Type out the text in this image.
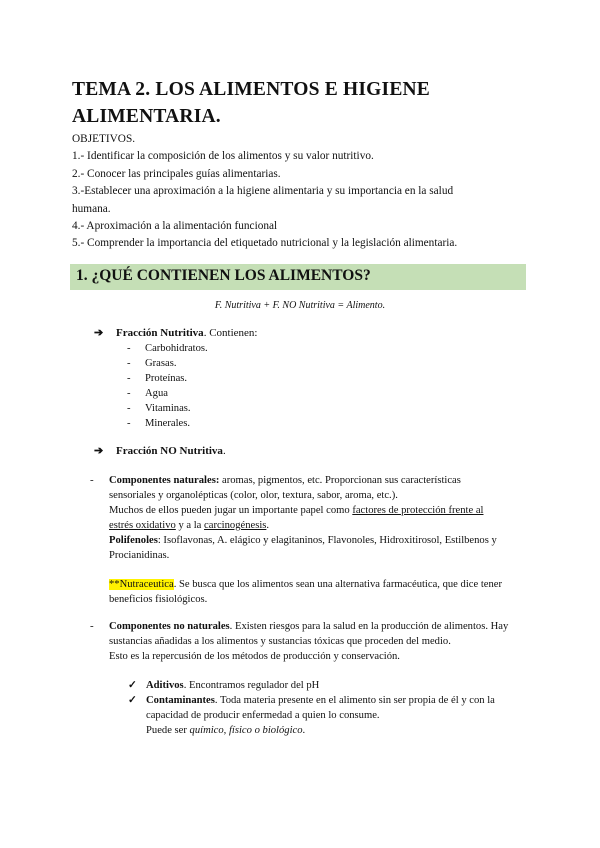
TEMA 2. LOS ALIMENTOS E HIGIENE
ALIMENTARIA.
OBJETIVOS.
1.- Identificar la composición de los alimentos y su valor nutritivo.
2.- Conocer las principales guías alimentarias.
3.-Establecer una aproximación a la higiene alimentaria y su importancia en la salud
humana.
4.- Aproximación a la alimentación funcional
5.- Comprender la importancia del etiquetado nutricional y la legislación alimentaria.
1. ¿QUÉ CONTIENEN LOS ALIMENTOS?
F. Nutritiva + F. NO Nutritiva = Alimento.
➔ Fracción Nutritiva. Contienen:
- Carbohidratos.
- Grasas.
- Proteínas.
- Agua
- Vitaminas.
- Minerales.
➔ Fracción NO Nutritiva.
- Componentes naturales: aromas, pigmentos, etc. Proporcionan sus características
sensoriales y organolépticas (color, olor, textura, sabor, aroma, etc.).
Muchos de ellos pueden jugar un importante papel como factores de protección frente al
estrés oxidativo y a la carcinogénesis.
Polifenoles: Isoflavonas, A. elágico y elagitaninos, Flavonoles, Hidroxitirosol, Estilbenos y
Procianidinas.

**Nutraceutica. Se busca que los alimentos sean una alternativa farmacéutica, que dice tener
beneficios fisiológicos.
- Componentes no naturales. Existen riesgos para la salud en la producción de alimentos. Hay
sustancias añadidas a los alimentos y sustancias tóxicas que proceden del medio.
Esto es la repercusión de los métodos de producción y conservación.
✓ Aditivos. Encontramos regulador del pH
✓ Contaminantes. Toda materia presente en el alimento sin ser propia de él y con la
capacidad de producir enfermedad a quien lo consume.
Puede ser químico, físico o biológico.
